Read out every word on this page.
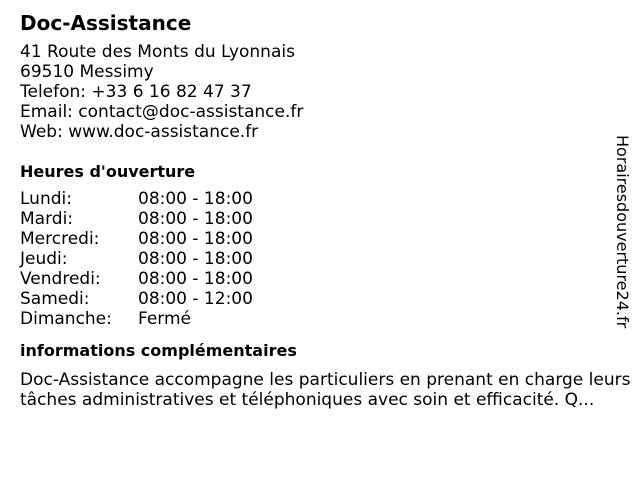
Doc-Assistance
41 Route des Monts du Lyonnais
69510 Messimy
Telefon: +33 6 16 82 47 37
Email: contact@doc-assistance.fr
Web: www.doc-assistance.fr
Heures d'ouverture
Lundi:	08:00 - 18:00
Mardi:	08:00 - 18:00
Mercredi:	08:00 - 18:00
Jeudi:	08:00 - 18:00
Vendredi:	08:00 - 18:00
Samedi:	08:00 - 12:00
Dimanche:	Fermé
informations complémentaires
Doc-Assistance accompagne les particuliers en prenant en charge leurs tâches administratives et téléphoniques avec soin et efficacité. Q...
Horairesdouverture24.fr
